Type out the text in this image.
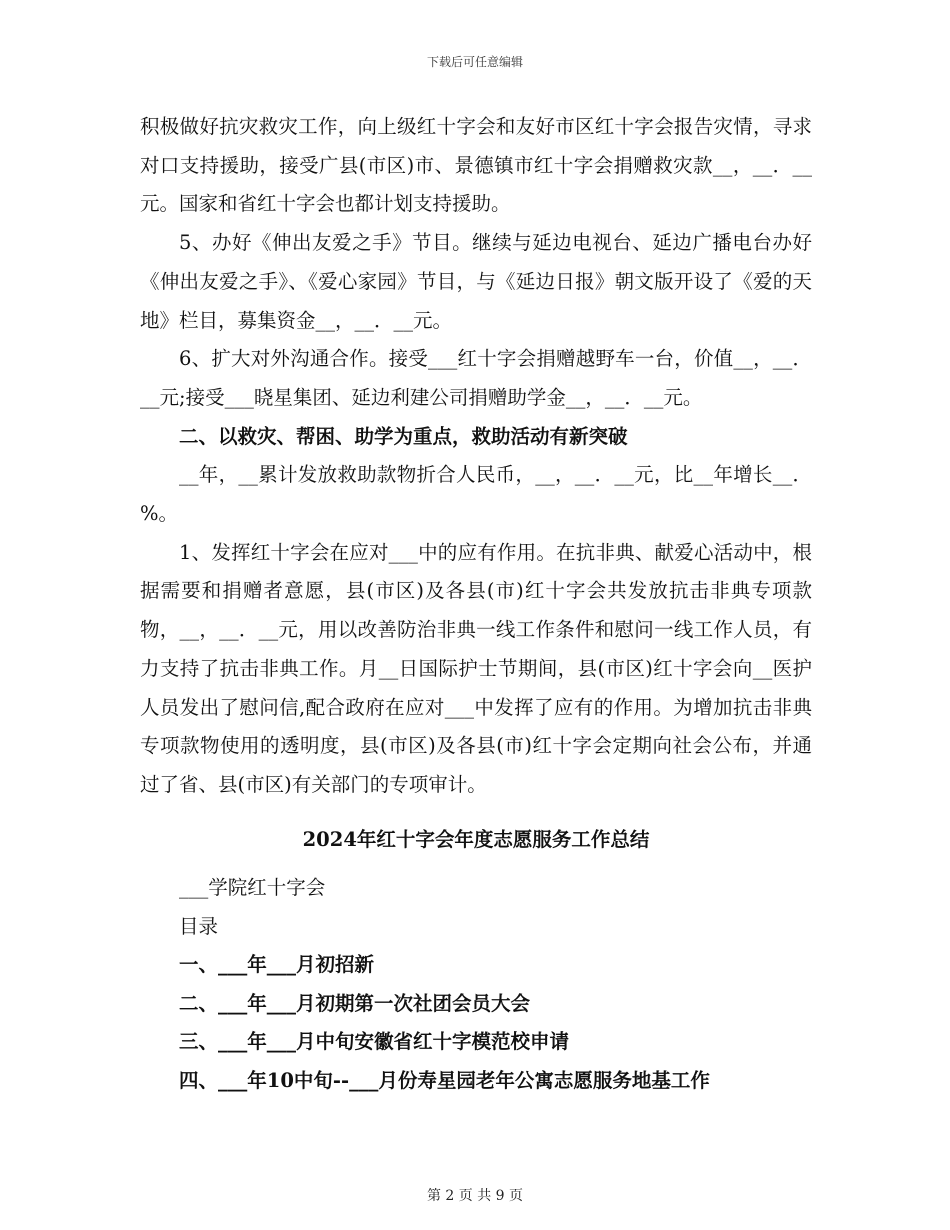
下载后可任意编辑

积极做好抗灾救灾工作，向上级红十字会和友好市区红十字会报告灾情，寻求对口支持援助，接受广县(市区)市、景德镇市红十字会捐赠救灾款__，__．__元。国家和省红十字会也都计划支持援助。

5、办好《伸出友爱之手》节目。继续与延边电视台、延边广播电台办好《伸出友爱之手》、《爱心家园》节目，与《延边日报》朝文版开设了《爱的天地》栏目，募集资金__，__．__元。

6、扩大对外沟通合作。接受___红十字会捐赠越野车一台，价值__，__．__元;接受___晓星集团、延边利建公司捐赠助学金__，__．__元。

二、以救灾、帮困、助学为重点，救助活动有新突破

__年，__累计发放救助款物折合人民币，__，__．__元，比__年增长__．%。

1、发挥红十字会在应对___中的应有作用。在抗非典、献爱心活动中，根据需要和捐赠者意愿，县(市区)及各县(市)红十字会共发放抗击非典专项款物，__，__．__元，用以改善防治非典一线工作条件和慰问一线工作人员，有力支持了抗击非典工作。月__日国际护士节期间，县(市区)红十字会向__医护人员发出了慰问信,配合政府在应对___中发挥了应有的作用。为增加抗击非典专项款物使用的透明度，县(市区)及各县(市)红十字会定期向社会公布，并通过了省、县(市区)有关部门的专项审计。

2024年红十字会年度志愿服务工作总结

___学院红十字会

目录

一、___年___月初招新

二、___年___月初期第一次社团会员大会

三、___年___月中旬安徽省红十字模范校申请

四、___年10中旬--___月份寿星园老年公寓志愿服务地基工作

第 2 页 共 9 页
